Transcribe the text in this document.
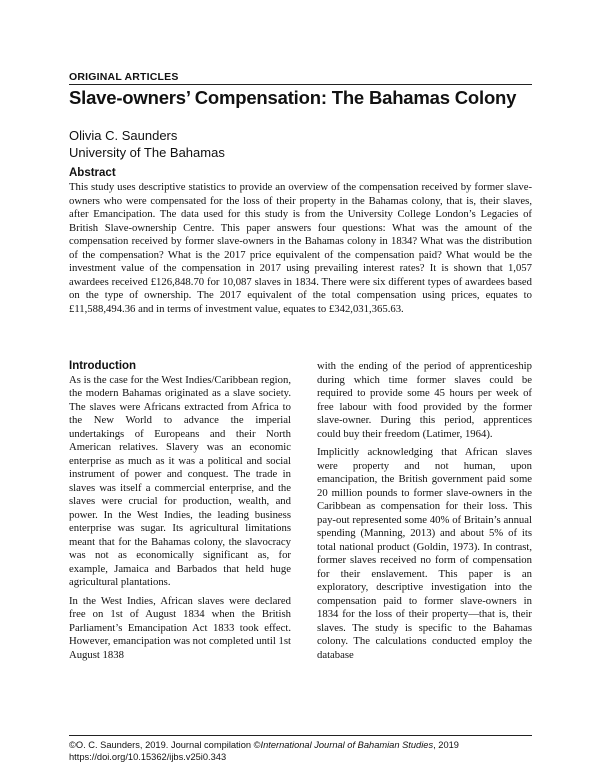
ORIGINAL ARTICLES
Slave-owners’ Compensation: The Bahamas Colony
Olivia C. Saunders
University of The Bahamas
Abstract
This study uses descriptive statistics to provide an overview of the compensation received by former slave-owners who were compensated for the loss of their property in the Bahamas colony, that is, their slaves, after Emancipation. The data used for this study is from the University College London’s Legacies of British Slave-ownership Centre. This paper answers four questions: What was the amount of the compensation received by former slave-owners in the Bahamas colony in 1834? What was the distribution of the compensation? What is the 2017 price equivalent of the compensation paid? What would be the investment value of the compensation in 2017 using prevailing interest rates? It is shown that 1,057 awardees received £126,848.70 for 10,087 slaves in 1834. There were six different types of awardees based on the type of ownership. The 2017 equivalent of the total compensation using prices, equates to £11,588,494.36 and in terms of investment value, equates to £342,031,365.63.
Introduction

As is the case for the West Indies/Caribbean region, the modern Bahamas originated as a slave society. The slaves were Africans extracted from Africa to the New World to advance the imperial undertakings of Europeans and their North American relatives. Slavery was an economic enterprise as much as it was a political and social instrument of power and conquest. The trade in slaves was itself a commercial enterprise, and the slaves were crucial for production, wealth, and power. In the West Indies, the leading business enterprise was sugar. Its agricultural limitations meant that for the Bahamas colony, the slavocracy was not as economically significant as, for example, Jamaica and Barbados that held huge agricultural plantations.

In the West Indies, African slaves were declared free on 1st of August 1834 when the British Parliament’s Emancipation Act 1833 took effect. However, emancipation was not completed until 1st August 1838

with the ending of the period of apprenticeship during which time former slaves could be required to provide some 45 hours per week of free labour with food provided by the former slave-owner. During this period, apprentices could buy their freedom (Latimer, 1964).

Implicitly acknowledging that African slaves were property and not human, upon emancipation, the British government paid some 20 million pounds to former slave-owners in the Caribbean as compensation for their loss. This pay-out represented some 40% of Britain’s annual spending (Manning, 2013) and about 5% of its total national product (Goldin, 1973). In contrast, former slaves received no form of compensation for their enslavement. This paper is an exploratory, descriptive investigation into the compensation paid to former slave-owners in 1834 for the loss of their property—that is, their slaves. The study is specific to the Bahamas colony. The calculations conducted employ the database

©O. C. Saunders, 2019. Journal compilation ©International Journal of Bahamian Studies, 2019
https://doi.org/10.15362/ijbs.v25i0.343
